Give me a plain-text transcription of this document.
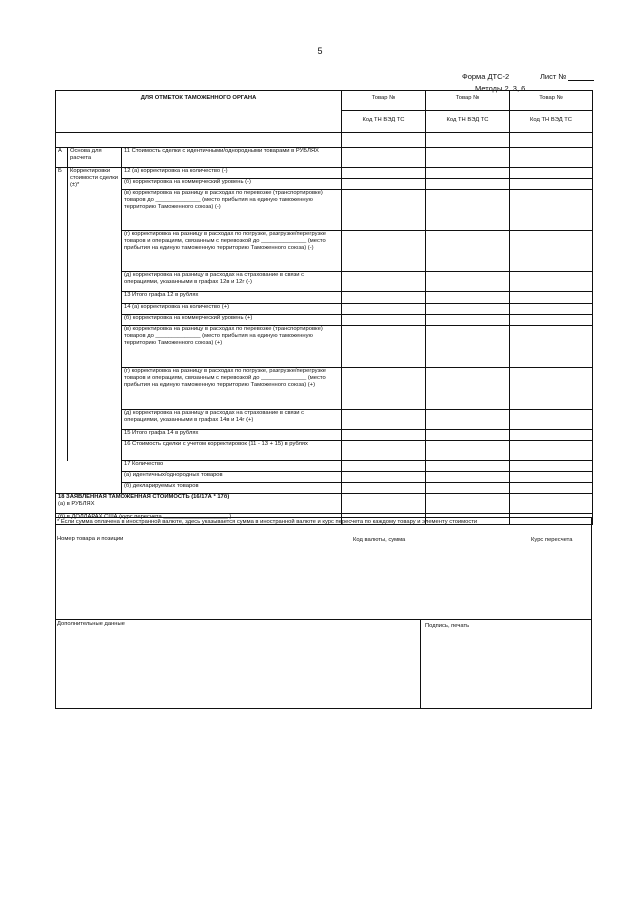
5
Форма ДТС-2	Лист №
Методы 2, 3, 6
ДЛЯ ОТМЕТОК ТАМОЖЕННОГО ОРГАНА			Товар №	Товар №	Товар №
			Код ТН ВЭД ТС	Код ТН ВЭД ТС	Код ТН ВЭД ТС

А	Основа для расчета	11 Стоимость сделки с идентичными/однородными товарами в РУБЛЯХ			
Б	Корректировки стоимости сделки (±)*	12 (а) корректировка на количество (-)			
		(б) корректировка на коммерческий уровень (-)			
		(в) корректировка на разницу в расходах по перевозке (транспортировке) товаров до ______________ (место прибытия на единую таможенную территорию Таможенного союза) (-)			
		(г) корректировка на разницу в расходах по погрузке, разгрузке/перегрузке товаров и операциям, связанным с перевозкой до ______________ (место прибытия на единую таможенную территорию Таможенного союза) (-)			
		(д) корректировка на разницу в расходах на страхование в связи с операциями, указанными в графах 12в и 12г (-)			
		13 Итого графа 12 в рублях			
		14 (а) корректировка на количество (+)			
		(б) корректировка на коммерческий уровень (+)			
		(в) корректировка на разницу в расходах по перевозке (транспортировке) товаров до ______________ (место прибытия на единую таможенную территорию Таможенного союза) (+)			
		(г) корректировка на разницу в расходах по погрузке, разгрузке/перегрузке товаров и операциям, связанным с перевозкой до ______________ (место прибытия на единую таможенную территорию Таможенного союза) (+)			
		(д) корректировка на разницу в расходах на страхование в связи с операциями, указанными в графах 14в и 14г (+)			
		15 Итого графа 14 в рублях			
		16 Стоимость сделки с учетом корректировок (11 - 13 + 15) в рублях			
		17 Количество			
		(а) идентичных/однородных товаров			
		(б) декларируемых товаров			
18 ЗАЯВЛЕННАЯ ТАМОЖЕННАЯ СТОИМОСТЬ (16/17А * 17б)
(а) в РУБЛЯХ					

* Если сумма оплачена в иностранной валюте, здесь указывается сумма в иностранной валюте и курс пересчета по каждому товару и элементу стоимости
Номер товара и позиции	Код валюты, сумма	Курс пересчета
Дополнительные данные	Подпись, печать
